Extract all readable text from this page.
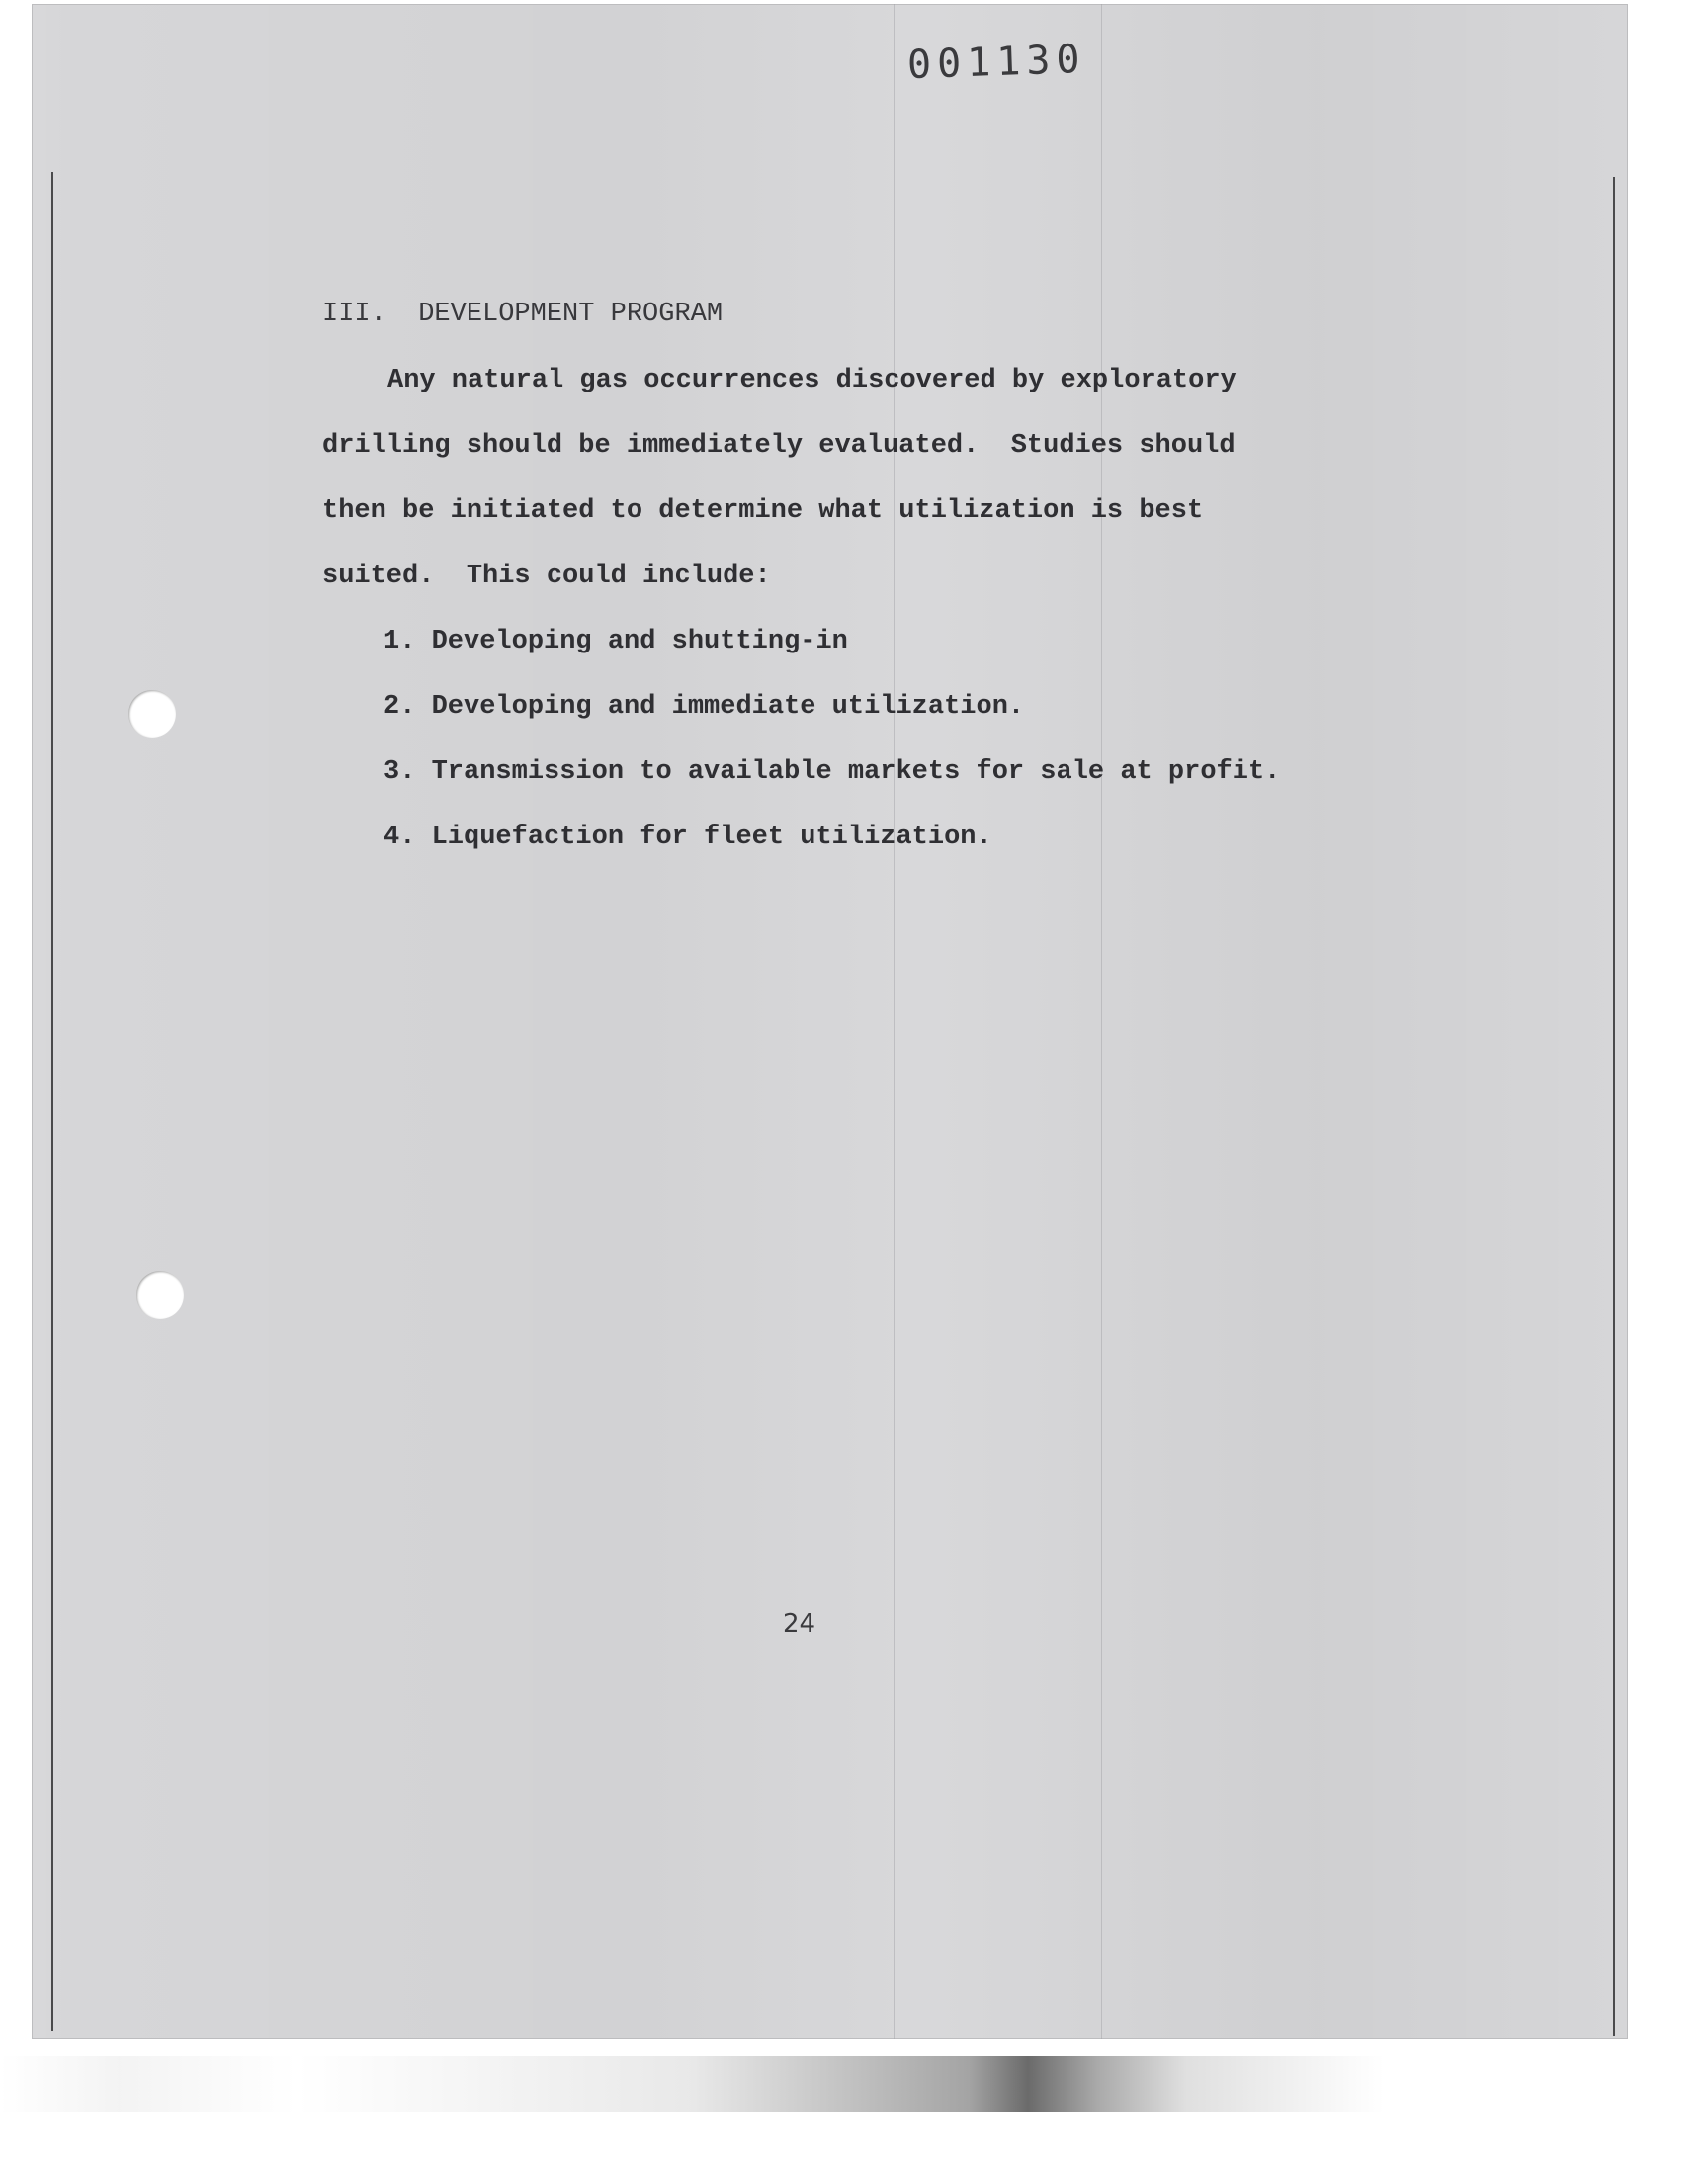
001130
III.  DEVELOPMENT PROGRAM
Any natural gas occurrences discovered by exploratory
drilling should be immediately evaluated.  Studies should
then be initiated to determine what utilization is best
suited.  This could include:
1. Developing and shutting-in
2. Developing and immediate utilization.
3. Transmission to available markets for sale at profit.
4. Liquefaction for fleet utilization.
24
